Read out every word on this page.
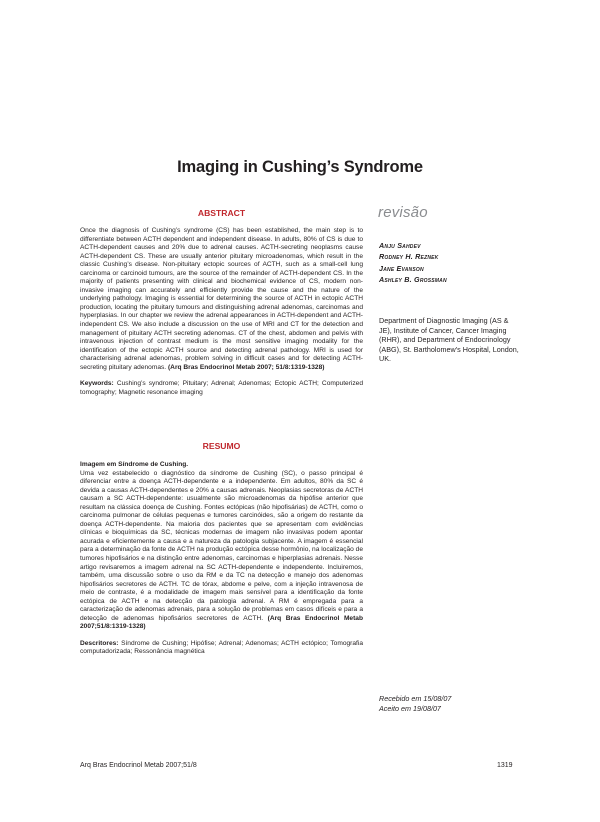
Imaging in Cushing’s Syndrome

ABSTRACT

Once the diagnosis of Cushing’s syndrome (CS) has been established, the main step is to differentiate between ACTH dependent and independent disease. In adults, 80% of CS is due to ACTH-dependent causes and 20% due to adrenal causes. ACTH-secreting neoplasms cause ACTH-dependent CS. These are usually anterior pituitary microadenomas, which result in the classic Cushing’s disease. Non-pituitary ectopic sources of ACTH, such as a small-cell lung carcinoma or carcinoid tumours, are the source of the remainder of ACTH-dependent CS. In the majority of patients presenting with clinical and biochemical evidence of CS, modern non-invasive imaging can accurately and efficiently provide the cause and the nature of the underlying pathology. Imaging is essential for determining the source of ACTH in ectopic ACTH production, locating the pituitary tumours and distinguishing adrenal adenomas, carcinomas and hyperplasias. In our chapter we review the adrenal appearances in ACTH-dependent and ACTH-independent CS. We also include a discussion on the use of MRI and CT for the detection and management of pituitary ACTH secreting adenomas. CT of the chest, abdomen and pelvis with intravenous injection of contrast medium is the most sensitive imaging modality for the identification of the ectopic ACTH source and detecting adrenal pathology. MRI is used for characterising adrenal adenomas, problem solving in difficult cases and for detecting ACTH-secreting pituitary adenomas. (Arq Bras Endocrinol Metab 2007; 51/8:1319-1328)

Keywords: Cushing’s syndrome; Pituitary; Adrenal; Adenomas; Ectopic ACTH; Computerized tomography; Magnetic resonance imaging

RESUMO

Imagem em Síndrome de Cushing.
Uma vez estabelecido o diagnóstico da síndrome de Cushing (SC), o passo principal é diferenciar entre a doença ACTH-dependente e a independente. Em adultos, 80% da SC é devida a causas ACTH-dependentes e 20% a causas adrenais. Neoplasias secretoras de ACTH causam a SC ACTH-dependente: usualmente são microadenomas da hipófise anterior que resultam na clássica doença de Cushing. Fontes ectópicas (não hipofisárias) de ACTH, como o carcinoma pulmonar de células pequenas e tumores carcinóides, são a origem do restante da doença ACTH-dependente. Na maioria dos pacientes que se apresentam com evidências clínicas e bioquímicas da SC, técnicas modernas de imagem não invasivas podem apontar acurada e eficientemente a causa e a natureza da patologia subjacente. A imagem é essencial para a determinação da fonte de ACTH na produção ectópica desse hormônio, na localização de tumores hipofisários e na distinção entre adenomas, carcinomas e hiperplasias adrenais. Nesse artigo revisaremos a imagem adrenal na SC ACTH-dependente e independente. Incluiremos, também, uma discussão sobre o uso da RM e da TC na detecção e manejo dos adenomas hipofisários secretores de ACTH. TC de tórax, abdome e pelve, com a injeção intravenosa de meio de contraste, é a modalidade de imagem mais sensível para a identificação da fonte ectópica de ACTH e na detecção da patologia adrenal. A RM é empregada para a caracterização de adenomas adrenais, para a solução de problemas em casos difíceis e para a detecção de adenomas hipofisários secretores de ACTH. (Arq Bras Endocrinol Metab 2007;51/8:1319-1328)

Descritores: Síndrome de Cushing; Hipófise; Adrenal; Adenomas; ACTH ectópico; Tomografia computadorizada; Ressonância magnética

revisão
Anju Sahdev
Rodney H. Reznek
Jane Evanson
Ashley B. Grossman
Department of Diagnostic Imaging (AS & JE), Institute of Cancer, Cancer Imaging (RHR), and Department of Endocrinology (ABG), St. Bartholomew’s Hospital, London, UK.
Recebido em 15/08/07
Aceito em 19/08/07
Arq Bras Endocrinol Metab 2007;51/8	1319
